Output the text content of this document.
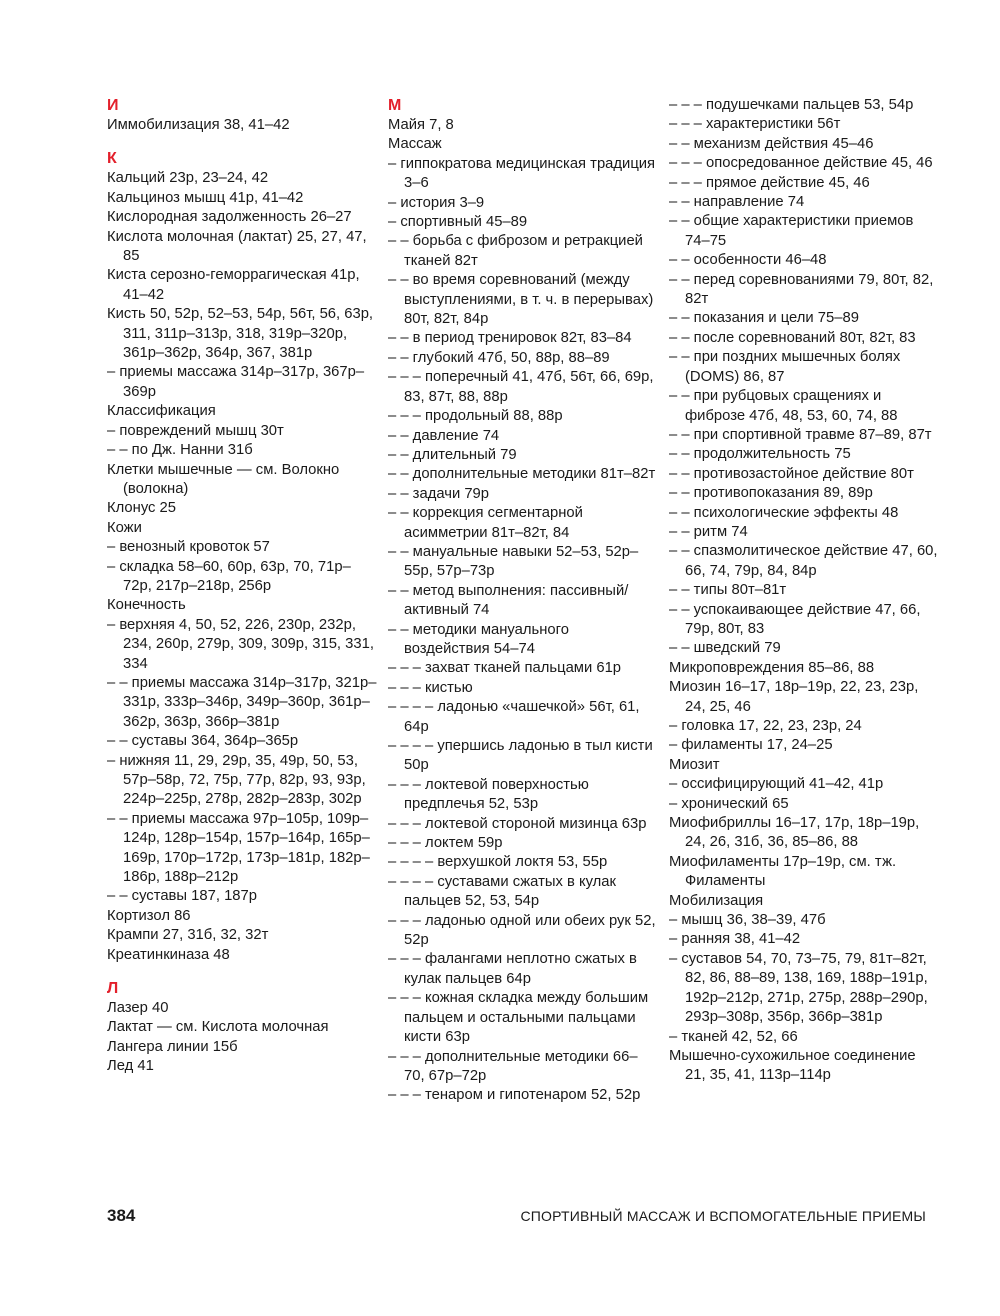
И
Иммобилизация 38, 41–42
К
Кальций 23р, 23–24, 42
Кальциноз мышц 41р, 41–42
Кислородная задолженность 26–27
Кислота молочная (лактат) 25, 27, 47, 85
Киста серозно-геморрагическая 41р, 41–42
Кисть 50, 52р, 52–53, 54р, 56т, 56, 63р, 311, 311р–313р, 318, 319р–320р, 361р–362р, 364р, 367, 381р
– приемы массажа 314р–317р, 367р–369р
Классификация
– повреждений мышц 30т
– – по Дж. Нанни 31б
Клетки мышечные — см. Волокно (волокна)
Клонус 25
Кожи
– венозный кровоток 57
– складка 58–60, 60р, 63р, 70, 71р–72р, 217р–218р, 256р
Конечность
– верхняя 4, 50, 52, 226, 230р, 232р, 234, 260р, 279р, 309, 309р, 315, 331, 334
– – приемы массажа 314р–317р, 321р–331р, 333р–346р, 349р–360р, 361р–362р, 363р, 366р–381р
– – суставы 364, 364р–365р
– нижняя 11, 29, 29р, 35, 49р, 50, 53, 57р–58р, 72, 75р, 77р, 82р, 93, 93р, 224р–225р, 278р, 282р–283р, 302р
– – приемы массажа 97р–105р, 109р–124р, 128р–154р, 157р–164р, 165р–169р, 170р–172р, 173р–181р, 182р–186р, 188р–212р
– – суставы 187, 187р
Кортизол 86
Крампи 27, 31б, 32, 32т
Креатинкиназа 48
Л
Лазер 40
Лактат — см. Кислота молочная
Лангера линии 15б
Лед 41
М
Майя 7, 8
Массаж
– гиппократова медицинская традиция 3–6
– история 3–9
– спортивный 45–89
– – борьба с фиброзом и ретракцией тканей 82т
– – во время соревнований (между выступлениями, в т. ч. в перерывах) 80т, 82т, 84р
– – в период тренировок 82т, 83–84
– – глубокий 47б, 50, 88р, 88–89
– – – поперечный 41, 47б, 56т, 66, 69р, 83, 87т, 88, 88р
– – – продольный 88, 88р
– – давление 74
– – длительный 79
– – дополнительные методики 81т–82т
– – задачи 79р
– – коррекция сегментарной асимметрии 81т–82т, 84
– – мануальные навыки 52–53, 52р–55р, 57р–73р
– – метод выполнения: пассивный/активный 74
– – методики мануального воздействия 54–74
– – – захват тканей пальцами 61р
– – – кистью
– – – – ладонью «чашечкой» 56т, 61, 64р
– – – – упершись ладонью в тыл кисти 50р
– – – локтевой поверхностью предплечья 52, 53р
– – – локтевой стороной мизинца 63р
– – – локтем 59р
– – – – верхушкой локтя 53, 55р
– – – – суставами сжатых в кулак пальцев 52, 53, 54р
– – – ладонью одной или обеих рук 52, 52р
– – – фалангами неплотно сжатых в кулак пальцев 64р
– – – кожная складка между большим пальцем и остальными пальцами кисти 63р
– – – дополнительные методики 66–70, 67р–72р
– – – тенаром и гипотенаром 52, 52р
– – – подушечками пальцев 53, 54р
– – – характеристики 56т
– – механизм действия 45–46
– – – опосредованное действие 45, 46
– – – прямое действие 45, 46
– – направление 74
– – общие характеристики приемов 74–75
– – особенности 46–48
– – перед соревнованиями 79, 80т, 82, 82т
– – показания и цели 75–89
– – после соревнований 80т, 82т, 83
– – при поздних мышечных болях (DOMS) 86, 87
– – при рубцовых сращениях и фиброзе 47б, 48, 53, 60, 74, 88
– – при спортивной травме 87–89, 87т
– – продолжительность 75
– – противозастойное действие 80т
– – противопоказания 89, 89р
– – психологические эффекты 48
– – ритм 74
– – спазмолитическое действие 47, 60, 66, 74, 79р, 84, 84р
– – типы 80т–81т
– – успокаивающее действие 47, 66, 79р, 80т, 83
– – шведский 79
Микроповреждения 85–86, 88
Миозин 16–17, 18р–19р, 22, 23, 23р, 24, 25, 46
– головка 17, 22, 23, 23р, 24
– филаменты 17, 24–25
Миозит
– оссифицирующий 41–42, 41р
– хронический 65
Миофибриллы 16–17, 17р, 18р–19р, 24, 26, 31б, 36, 85–86, 88
Миофиламенты 17р–19р, см. тж. Филаменты
Мобилизация
– мышц 36, 38–39, 47б
– ранняя 38, 41–42
– суставов 54, 70, 73–75, 79, 81т–82т, 82, 86, 88–89, 138, 169, 188р–191р, 192р–212р, 271р, 275р, 288р–290р, 293р–308р, 356р, 366р–381р
– тканей 42, 52, 66
Мышечно-сухожильное соединение 21, 35, 41, 113р–114р
384	СПОРТИВНЫЙ МАССАЖ И ВСПОМОГАТЕЛЬНЫЕ ПРИЕМЫ
